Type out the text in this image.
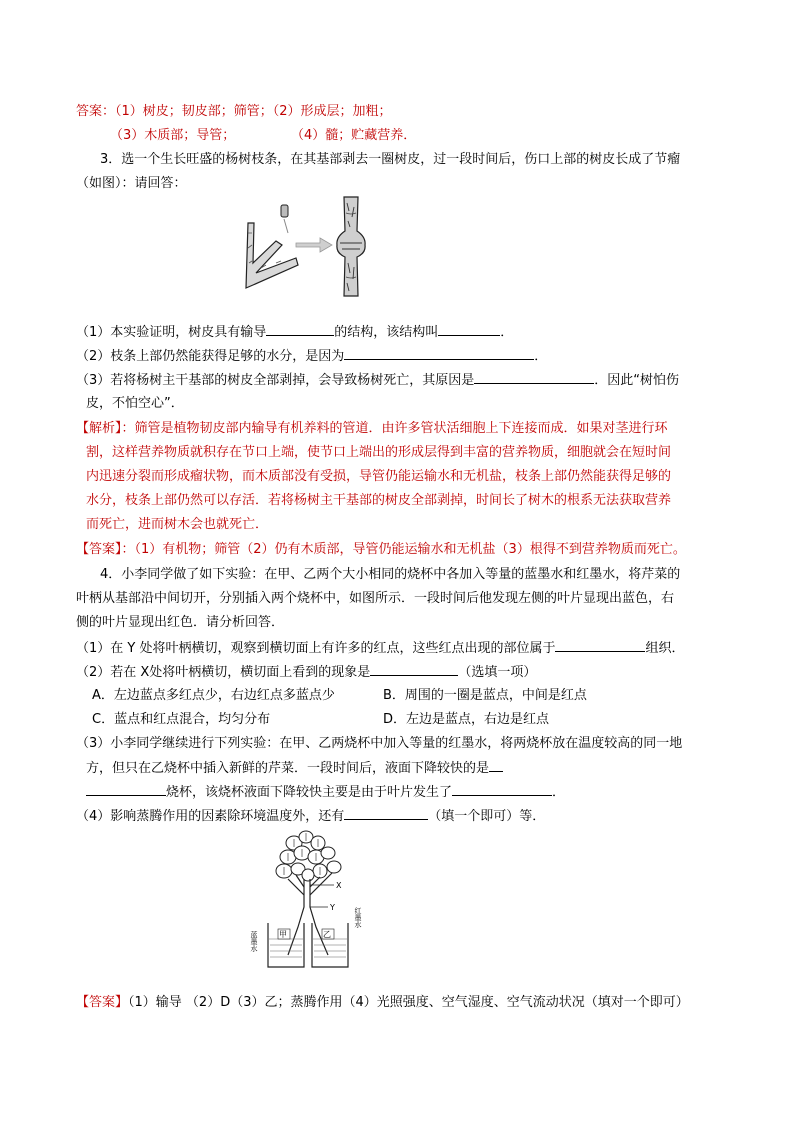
答案：（1）树皮；韧皮部；筛管；（2）形成层；加粗；
（3）木质部；导管；	（4）髓；贮藏营养．
3．选一个生长旺盛的杨树枝条，在其基部剥去一圈树皮，过一段时间后，伤口上部的树皮长成了节瘤
（如图）：请回答：
（1）本实验证明，树皮具有输导	的结构，该结构叫	．
（2）枝条上部仍然能获得足够的水分，是因为	．
（3）若将杨树主干基部的树皮全部剥掉，会导致杨树死亡，其原因是	．因此“树怕伤
皮，不怕空心”．
【解析】：筛管是植物韧皮部内输导有机养料的管道．由许多管状活细胞上下连接而成．如果对茎进行环
割，这样营养物质就积存在节口上端，使节口上端出的形成层得到丰富的营养物质，细胞就会在短时间
内迅速分裂而形成瘤状物，而木质部没有受损，导管仍能运输水和无机盐，枝条上部仍然能获得足够的
水分，枝条上部仍然可以存活．若将杨树主干基部的树皮全部剥掉，时间长了树木的根系无法获取营养
而死亡，进而树木会也就死亡．
【答案】：（1）有机物；筛管（2）仍有木质部，导管仍能运输水和无机盐（3）根得不到营养物质而死亡。
4．小李同学做了如下实验：在甲、乙两个大小相同的烧杯中各加入等量的蓝墨水和红墨水，将芹菜的
叶柄从基部沿中间切开，分别插入两个烧杯中，如图所示．一段时间后他发现左侧的叶片显现出蓝色，右
侧的叶片显现出红色．请分析回答．
（1）在 Y 处将叶柄横切，观察到横切面上有许多的红点，这些红点出现的部位属于	组织．
（2）若在 X处将叶柄横切，横切面上看到的现象是	（选填一项）
A．左边蓝点多红点少，右边红点多蓝点少	B．周围的一圈是蓝点，中间是红点
C．蓝点和红点混合，均匀分布	D．左边是蓝点，右边是红点
（3）小李同学继续进行下列实验：在甲、乙两烧杯中加入等量的红墨水，将两烧杯放在温度较高的同一地
方，但只在乙烧杯中插入新鲜的芹菜．一段时间后，液面下降较快的是
烧杯，该烧杯液面下降较快主要是由于叶片发生了	．
（4）影响蒸腾作用的因素除环境温度外，还有	（填一个即可）等．
X
Y
甲	乙
蓝墨水
红墨水
【答案】（1）输导 （2）D（3）乙；蒸腾作用（4）光照强度、空气湿度、空气流动状况（填对一个即可）
